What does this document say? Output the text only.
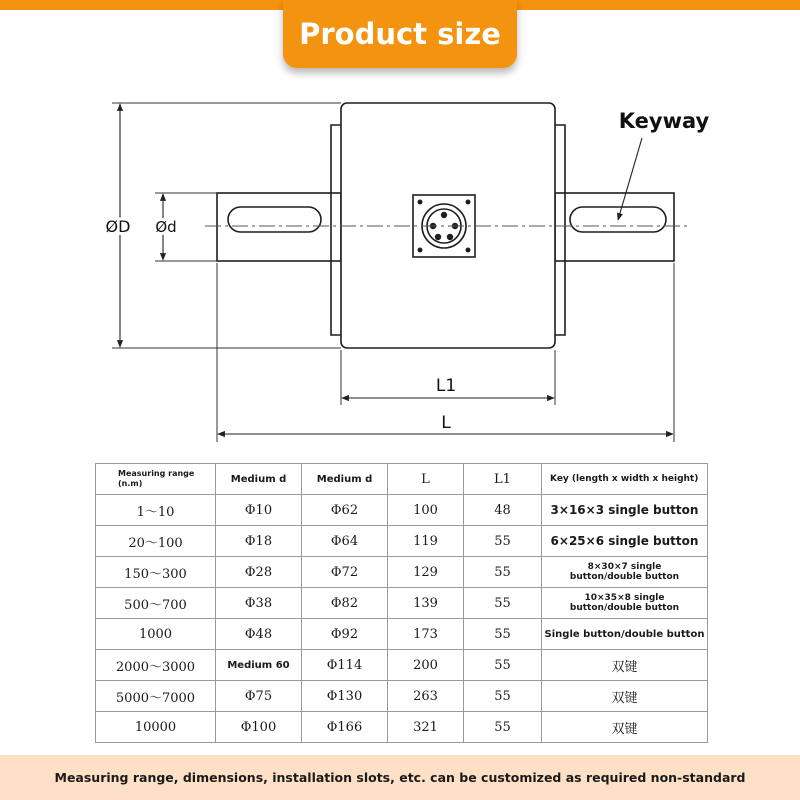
Product size
Keyway
ØD Ød
L1
L
Measuring range
(n.m)	Medium d	Medium d	L	L1	Key (length x width x height)
1～10	Φ10	Φ62	100	48	3×16×3 single button
20～100	Φ18	Φ64	119	55	6×25×6 single button
150～300	Φ28	Φ72	129	55	8×30×7 single
button/double button

500～700	Φ38	Φ82	139	55	10×35×8 single
button/double button

1000	Φ48	Φ92	173	55	Single button/double button
2000～3000	Medium 60	Φ114	200	55	双键
5000～7000	Φ75	Φ130	263	55	双键
10000	Φ100	Φ166	321	55	双键
Measuring range, dimensions, installation slots, etc. can be customized as required non-standard
